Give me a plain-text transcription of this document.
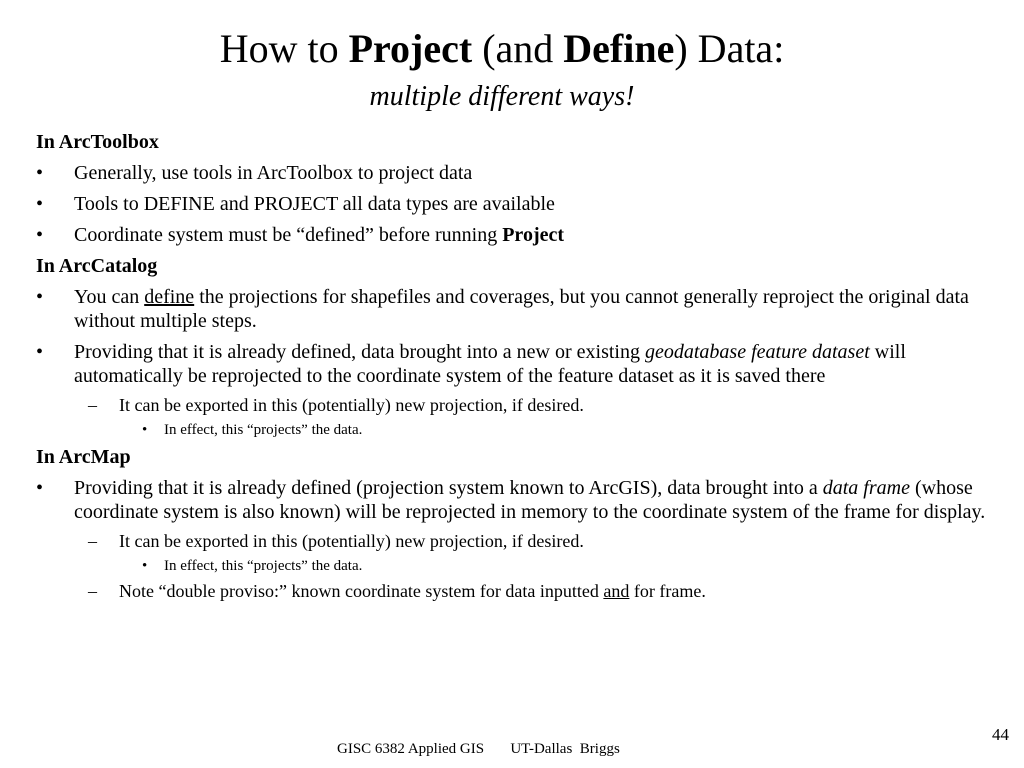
How to Project (and Define) Data:
multiple different ways!
In ArcToolbox
• Generally, use tools in ArcToolbox to project data
• Tools to DEFINE and PROJECT all data types are available
• Coordinate system must be “defined” before running Project
In ArcCatalog
• You can define the projections for shapefiles and coverages, but you cannot generally reproject the original data without multiple steps.
• Providing that it is already defined, data brought into a new or existing geodatabase feature dataset will automatically be reprojected to the coordinate system of the feature dataset as it is saved there
– It can be exported in this (potentially) new projection, if desired.
• In effect, this “projects” the data.
In ArcMap
• Providing that it is already defined (projection system known to ArcGIS), data brought into a data frame (whose coordinate system is also known) will be reprojected in memory to the coordinate system of the frame for display.
– It can be exported in this (potentially) new projection, if desired.
• In effect, this “projects” the data.
– Note “double proviso:” known coordinate system for data inputted and for frame.
GISC 6382 Applied GIS       UT-Dallas  Briggs
44
